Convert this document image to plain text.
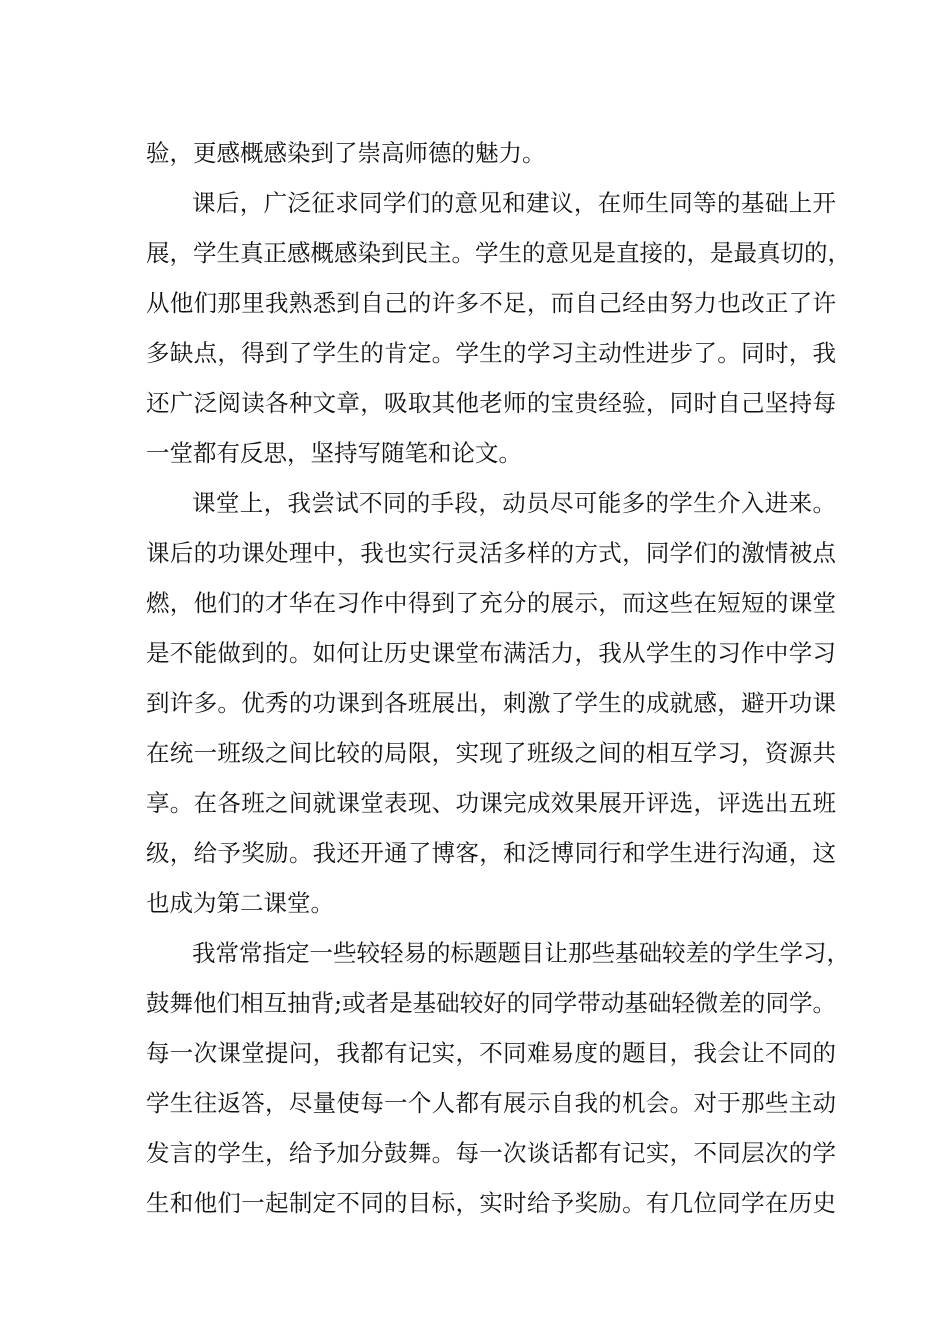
验，更感概感染到了崇高师德的魅力。
课后，广泛征求同学们的意见和建议，在师生同等的基础上开
展，学生真正感概感染到民主。学生的意见是直接的，是最真切的，
从他们那里我熟悉到自己的许多不足，而自己经由努力也改正了许
多缺点，得到了学生的肯定。学生的学习主动性进步了。同时，我
还广泛阅读各种文章，吸取其他老师的宝贵经验，同时自己坚持每
一堂都有反思，坚持写随笔和论文。
课堂上，我尝试不同的手段，动员尽可能多的学生介入进来。
课后的功课处理中，我也实行灵活多样的方式，同学们的激情被点
燃，他们的才华在习作中得到了充分的展示，而这些在短短的课堂
是不能做到的。如何让历史课堂布满活力，我从学生的习作中学习
到许多。优秀的功课到各班展出，刺激了学生的成就感，避开功课
在统一班级之间比较的局限，实现了班级之间的相互学习，资源共
享。在各班之间就课堂表现、功课完成效果展开评选，评选出五班
级，给予奖励。我还开通了博客，和泛博同行和学生进行沟通，这
也成为第二课堂。
我常常指定一些较轻易的标题题目让那些基础较差的学生学习，
鼓舞他们相互抽背;或者是基础较好的同学带动基础轻微差的同学。
每一次课堂提问，我都有记实，不同难易度的题目，我会让不同的
学生往返答，尽量使每一个人都有展示自我的机会。对于那些主动
发言的学生，给予加分鼓舞。每一次谈话都有记实，不同层次的学
生和他们一起制定不同的目标，实时给予奖励。有几位同学在历史
